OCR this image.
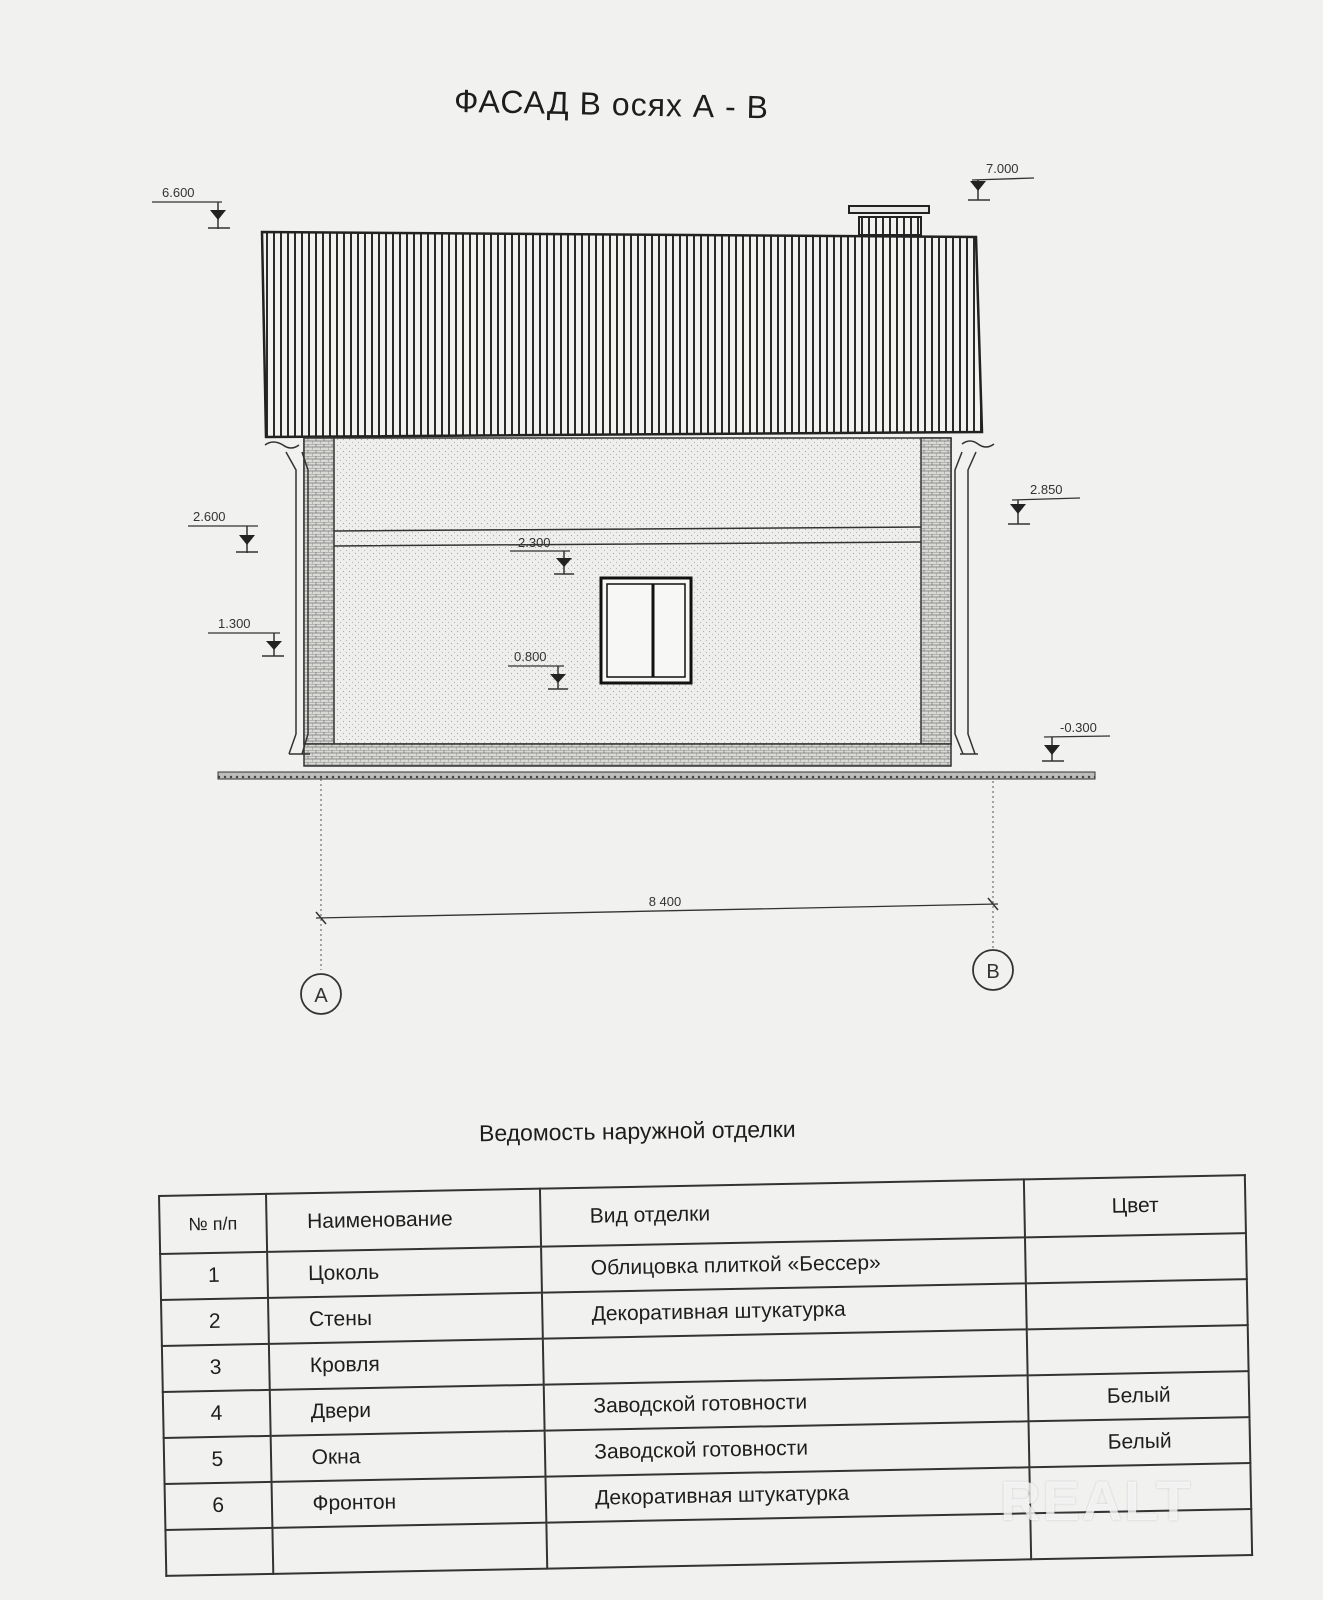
ФАСАД В осях А - В
А
В
8 400
6.600
7.000
2.600
2.850
2.300
1.300
0.800
-0.300
Ведомость наружной отделки
№ п/п	Наименование	Вид отделки	Цвет
1	Цоколь	Облицовка плиткой «Бессер»	
2	Стены	Декоративная штукатурка	
3	Кровля		
4	Двери	Заводской готовности	Белый
5	Окна	Заводской готовности	Белый
6	Фронтон	Декоративная штукатурка	
				REALT
